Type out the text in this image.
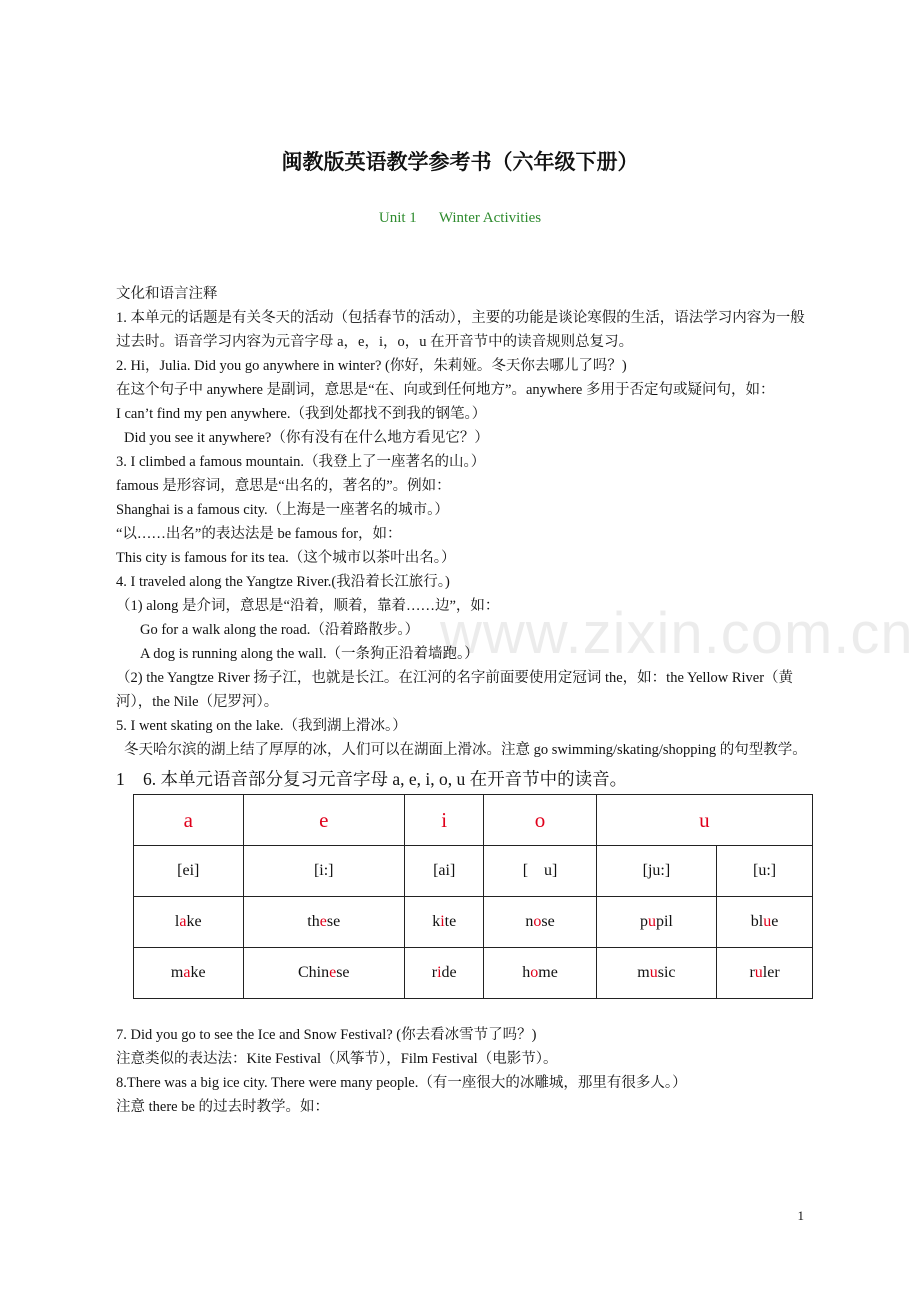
www.zixin.com.cn
闽教版英语教学参考书（六年级下册）
Unit 1 Winter Activities
文化和语言注释
1. 本单元的话题是有关冬天的活动（包括春节的活动），主要的功能是谈论寒假的生活，语法学习内容为一般过去时。语音学习内容为元音字母 a，e，i，o，u 在开音节中的读音规则总复习。
2. Hi，Julia. Did you go anywhere in winter? (你好，朱莉娅。冬天你去哪儿了吗？)
在这个句子中 anywhere 是副词，意思是“在、向或到任何地方”。anywhere 多用于否定句或疑问句，如：
I can’t find my pen anywhere.（我到处都找不到我的钢笔。）
Did you see it anywhere?（你有没有在什么地方看见它？）
3. I climbed a famous mountain.（我登上了一座著名的山。）
famous 是形容词，意思是“出名的，著名的”。例如：
Shanghai is a famous city.（上海是一座著名的城市。）
“以……出名”的表达法是 be famous for，如：
This city is famous for its tea.（这个城市以茶叶出名。）
4. I traveled along the Yangtze River.(我沿着长江旅行。)
（1) along 是介词，意思是“沿着，顺着，靠着……边”，如：
Go for a walk along the road.（沿着路散步。）
A dog is running along the wall.（一条狗正沿着墙跑。）
（2) the Yangtze River 扬子江，也就是长江。在江河的名字前面要使用定冠词 the，如：the Yellow River（黄河），the Nile（尼罗河）。
5. I went skating on the lake.（我到湖上滑冰。）
冬天哈尔滨的湖上结了厚厚的冰，人们可以在湖面上滑冰。注意 go swimming/skating/shopping 的句型教学。
1 6. 本单元语音部分复习元音字母 a, e, i, o, u 在开音节中的读音。
a	e	i	o	u	
[ei]	[i:]	[ai]	[    u]	[ju:]	[u:]
lake	these	kite	nose	pupil	blue
make	Chinese	ride	home	music	ruler
7. Did you go to see the Ice and Snow Festival? (你去看冰雪节了吗？)
注意类似的表达法：Kite Festival（风筝节），Film Festival（电影节）。
8.There was a big ice city. There were many people.（有一座很大的冰雕城，那里有很多人。）
注意 there be 的过去时教学。如：
1
